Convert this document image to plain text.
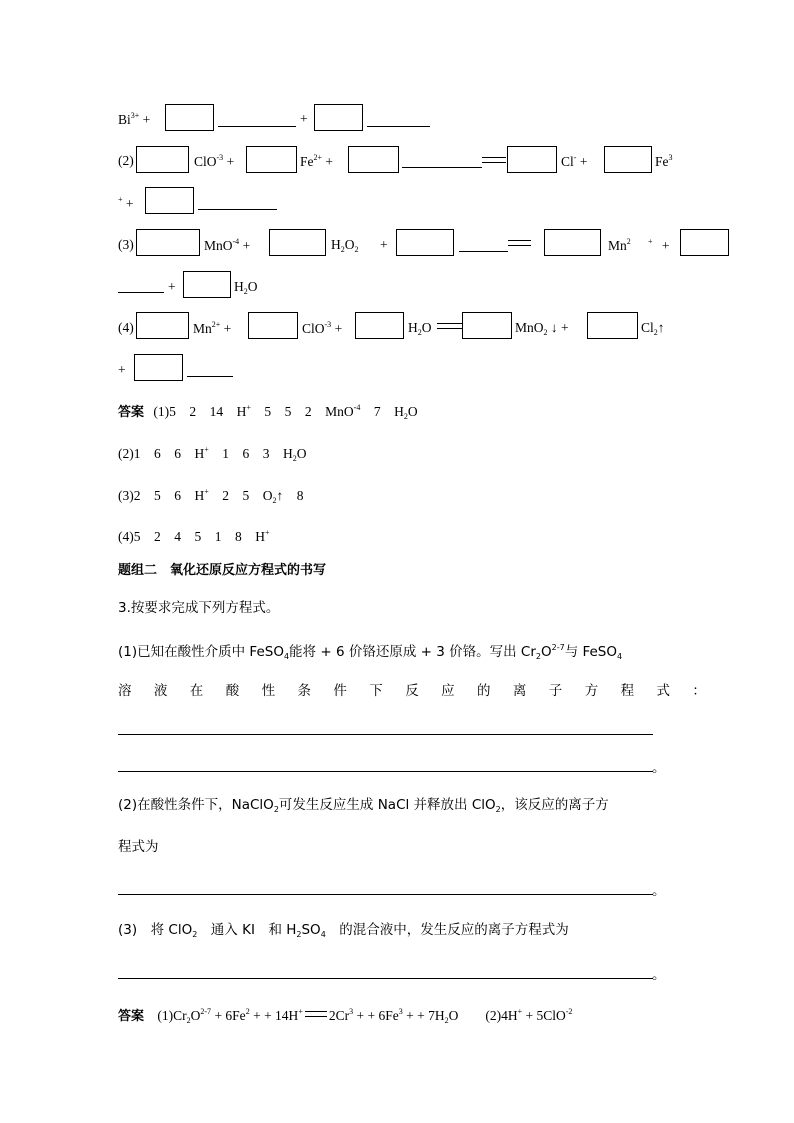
$Bi^{3+}$ +	+
(2)	ClO$^{-3}$ +	$Fe^{2+}$ +	Cl- +	$Fe^3$
+ +
(3)	MnO$^{-4}$ +	$H_2O_2$ +	$Mn^2$ + +
+	$H_2O$
(4)	$Mn^{2+}$ +	ClO$^{-3}$ +	$H_2O$	MnO$_2$ ↓ +	$Cl_2↑$
+
答案 (1)5　2　14　H+　5　5　2　MnO$^{-4}$　7　$H_2O$
(2)1　6　6　H+　1　6　3　$H_2O$
(3)2　5　6　H+　2　5　$O_2↑$　8
(4)5　2　4　5　1　8　H+
题组二　氧化还原反应方程式的书写
3.按要求完成下列方程式。
(1)已知在酸性介质中 FeSO$_4$能将 + 6 价铬还原成 + 3 价铬。写出 $Cr_2O^{2-7}$与 FeSO$_4$
溶液在酸性条件下反应的离子方程式：
。
(2)在酸性条件下，NaClO$_2$可发生反应生成 NaCl 并释放出 ClO$_2$，该反应的离子方
程式为
。
(3)　将 ClO$_2$　通入 KI　和 $H_2SO_4$　的混合液中，发生反应的离子方程式为
。
答案 $(1)Cr_2O^{2-7} + 6Fe^2$ + + 14H+ $2Cr^3$ + + $6Fe^3$ + + $7H_2O$　　(2)4H+ + 5ClO$^{-2}$
